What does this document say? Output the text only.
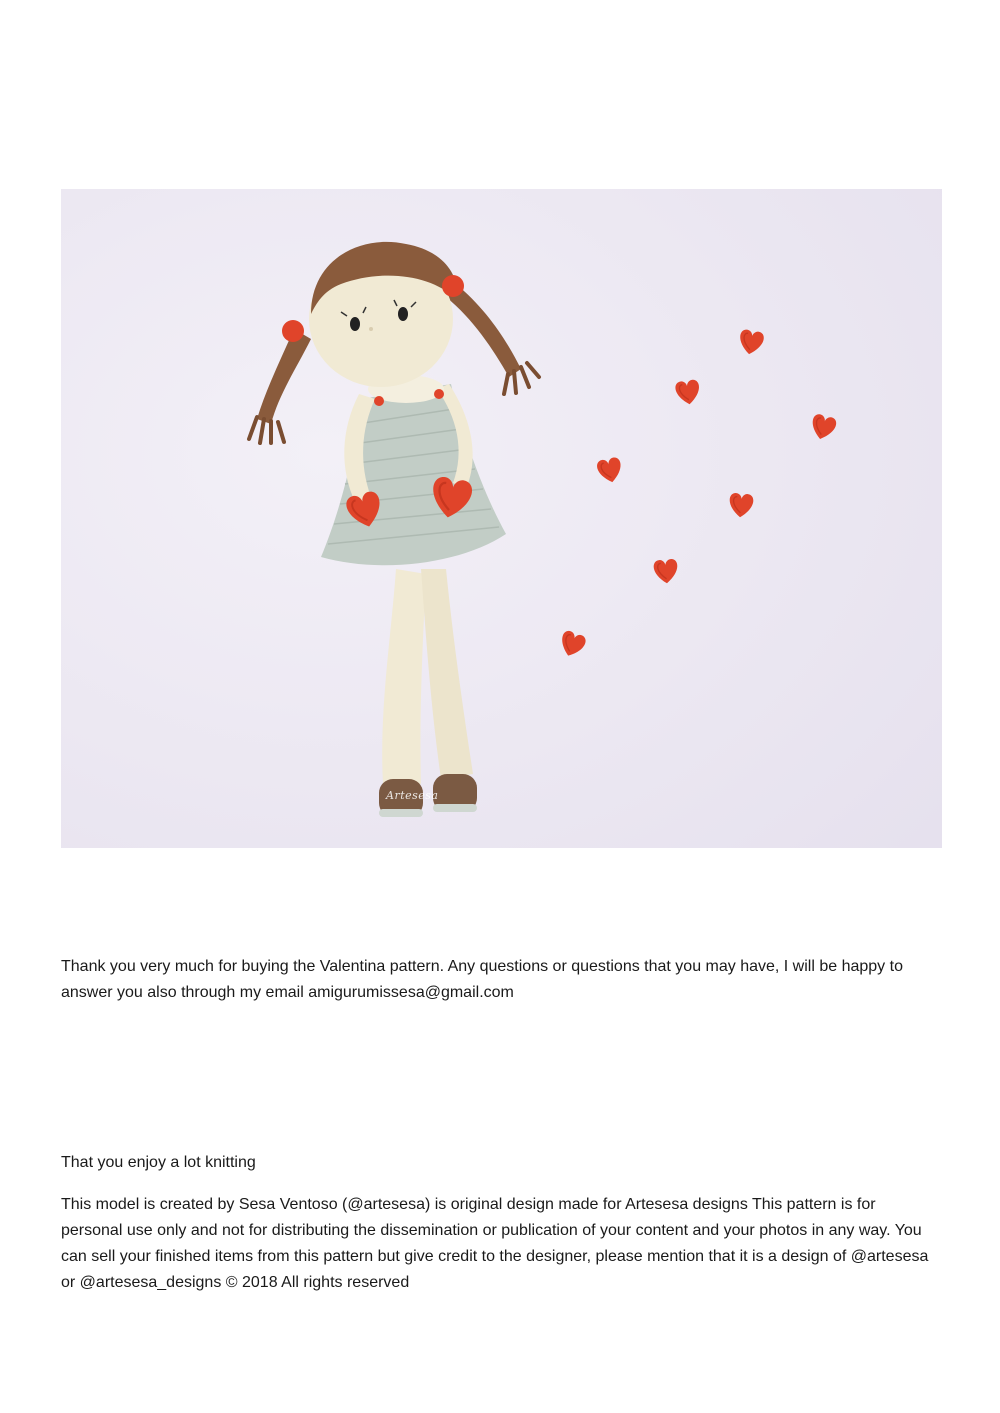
Artesesa

Thank you very much for buying the Valentina pattern. Any questions or questions that you may have, I will be happy to answer you also through my email amigurumissesa@gmail.com

That you enjoy a lot knitting

This model is created by Sesa Ventoso (@artesesa) is original design made for Artesesa designs This pattern is for personal use only and not for distributing the dissemination or publication of your content and your photos in any way. You can sell your finished items from this pattern but give credit to the designer, please mention that it is a design of @artesesa or @artesesa_designs © 2018 All rights reserved
